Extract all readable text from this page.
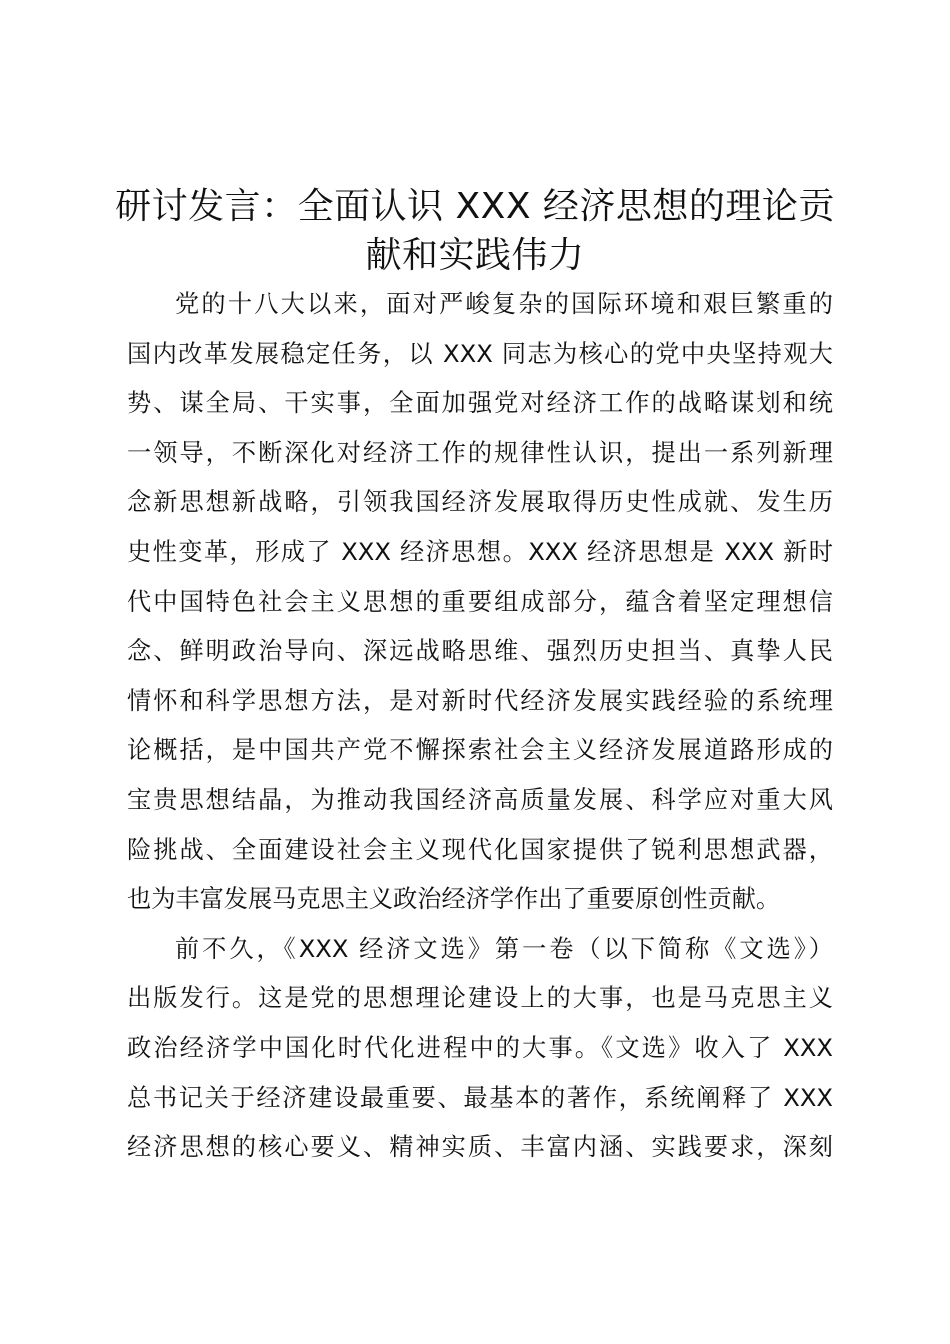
研讨发言：全面认识 XXX 经济思想的理论贡
献和实践伟力
党的十八大以来，面对严峻复杂的国际环境和艰巨繁重的
国内改革发展稳定任务，以 XXX 同志为核心的党中央坚持观大
势、谋全局、干实事，全面加强党对经济工作的战略谋划和统
一领导，不断深化对经济工作的规律性认识，提出一系列新理
念新思想新战略，引领我国经济发展取得历史性成就、发生历
史性变革，形成了 XXX 经济思想。XXX 经济思想是 XXX 新时
代中国特色社会主义思想的重要组成部分，蕴含着坚定理想信
念、鲜明政治导向、深远战略思维、强烈历史担当、真挚人民
情怀和科学思想方法，是对新时代经济发展实践经验的系统理
论概括，是中国共产党不懈探索社会主义经济发展道路形成的
宝贵思想结晶，为推动我国经济高质量发展、科学应对重大风
险挑战、全面建设社会主义现代化国家提供了锐利思想武器，
也为丰富发展马克思主义政治经济学作出了重要原创性贡献。
前不久，《XXX 经济文选》第一卷（以下简称《文选》）
出版发行。这是党的思想理论建设上的大事，也是马克思主义
政治经济学中国化时代化进程中的大事。《文选》收入了 XXX
总书记关于经济建设最重要、最基本的著作，系统阐释了 XXX
经济思想的核心要义、精神实质、丰富内涵、实践要求，深刻
